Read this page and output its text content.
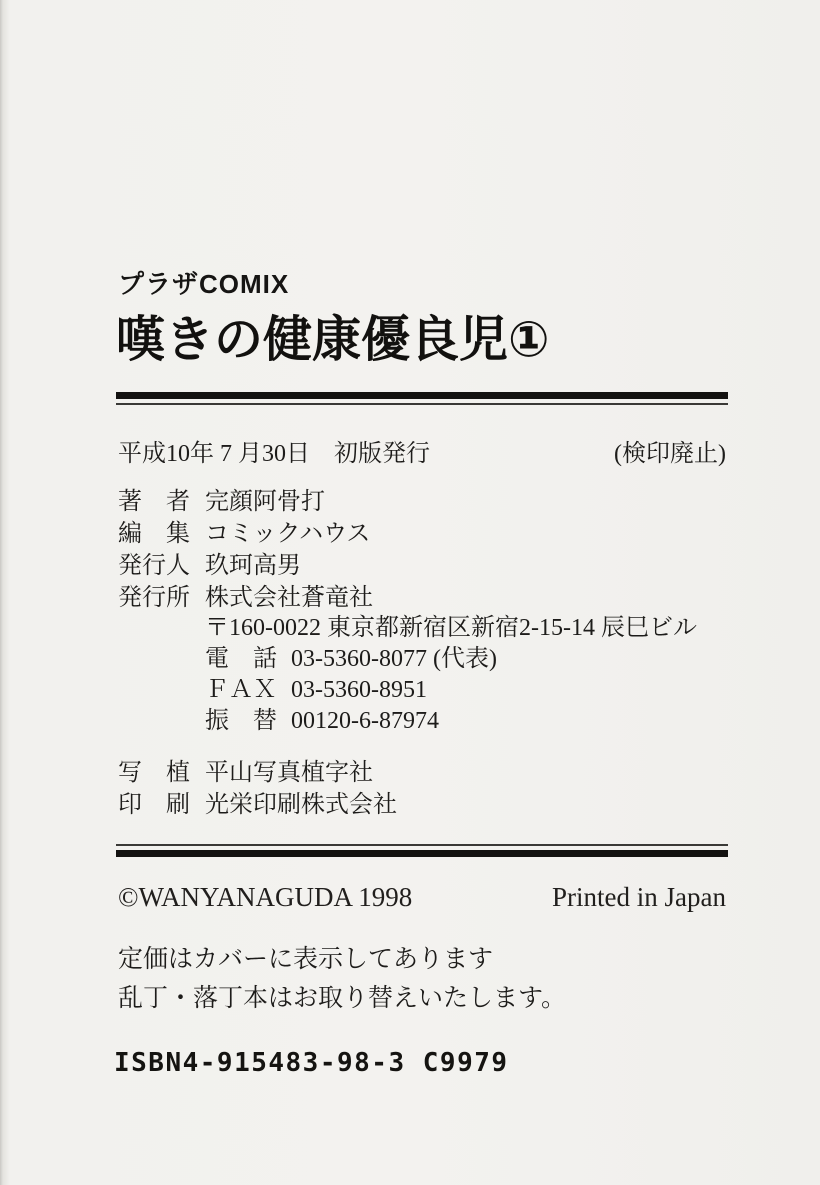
プラザCOMIX
嘆きの健康優良児①
平成10年 7 月30日　初版発行	(検印廃止)
著　者 完顔阿骨打
編　集 コミックハウス
発行人 玖珂高男
発行所 株式会社蒼竜社
〒160-0022 東京都新宿区新宿2-15-14 辰巳ビル
電　話 03-5360-8077 (代表)
ＦＡＸ 03-5360-8951
振　替 00120-6-87974
写　植 平山写真植字社
印　刷 光栄印刷株式会社
©WANYANAGUDA 1998	Printed in Japan
定価はカバーに表示してあります
乱丁・落丁本はお取り替えいたします。
ISBN4-915483-98-3 C9979
